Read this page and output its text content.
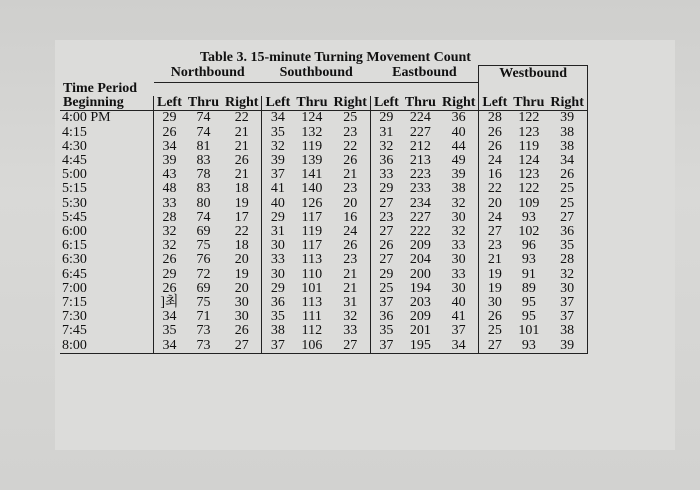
Table 3. 15-minute Turning Movement Count
	Northbound			Southbound			Eastbound			Westbound		
Time Period												
Beginning	Left	Thru	Right	Left	Thru	Right	Left	Thru	Right	Left	Thru	Right
4:00 PM	29	74	22	34	124	25	29	224	36	28	122	39
4:15	26	74	21	35	132	23	31	227	40	26	123	38
4:30	34	81	21	32	119	22	32	212	44	26	119	38
4:45	39	83	26	39	139	26	36	213	49	24	124	34
5:00	43	78	21	37	141	21	33	223	39	16	123	26
5:15	48	83	18	41	140	23	29	233	38	22	122	25
5:30	33	80	19	40	126	20	27	234	32	20	109	25
5:45	28	74	17	29	117	16	23	227	30	24	93	27
6:00	32	69	22	31	119	24	27	222	32	27	102	36
6:15	32	75	18	30	117	26	26	209	33	23	96	35
6:30	26	76	20	33	113	23	27	204	30	21	93	28
6:45	29	72	19	30	110	21	29	200	33	19	91	32
7:00	26	69	20	29	101	21	25	194	30	19	89	30
7:15	]최	75	30	36	113	31	37	203	40	30	95	37
7:30	34	71	30	35	111	32	36	209	41	26	95	37
7:45	35	73	26	38	112	33	35	201	37	25	101	38
8:00	34	73	27	37	106	27	37	195	34	27	93	39
